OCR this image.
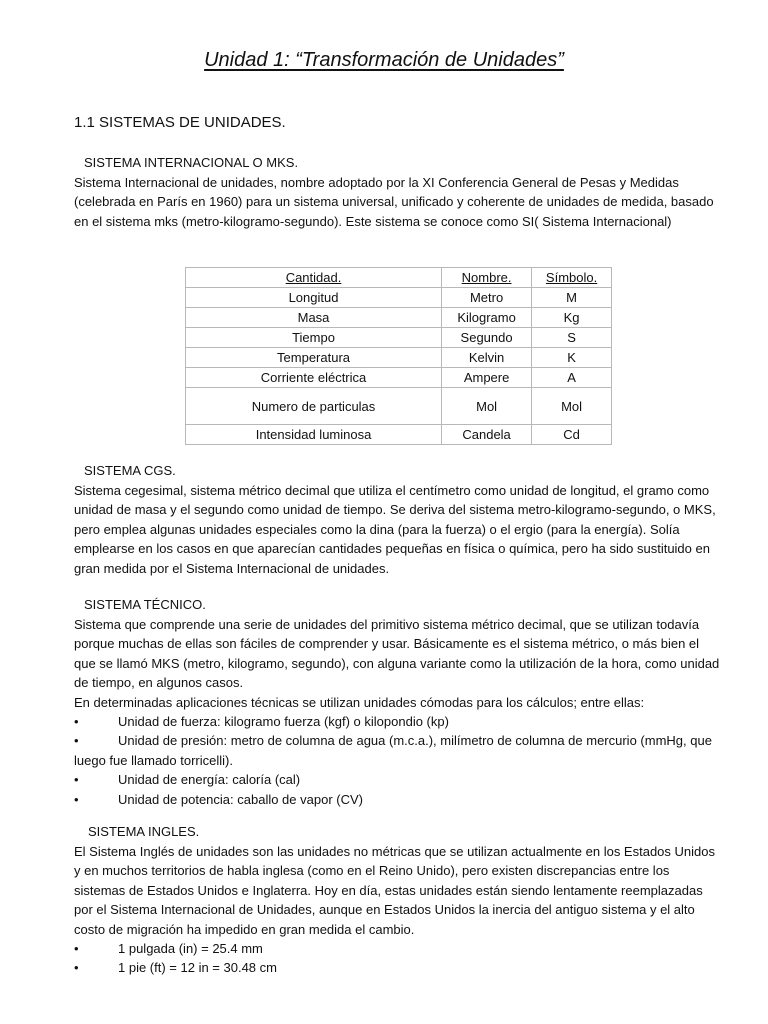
Unidad 1: “Transformación de Unidades”
1.1 SISTEMAS DE UNIDADES.
SISTEMA INTERNACIONAL O MKS.

Sistema Internacional de unidades, nombre adoptado por la XI Conferencia General de Pesas y Medidas (celebrada en París en 1960) para un sistema universal, unificado y coherente de unidades de medida, basado en el sistema mks (metro-kilogramo-segundo). Este sistema se conoce como SI( Sistema Internacional)

Cantidad.	Nombre.	Símbolo.
Longitud	Metro	M
Masa	Kilogramo	Kg
Tiempo	Segundo	S
Temperatura	Kelvin	K
Corriente eléctrica	Ampere	A
Numero de particulas	Mol	Mol
Intensidad luminosa	Candela	Cd
SISTEMA CGS.

Sistema cegesimal, sistema métrico decimal que utiliza el centímetro como unidad de longitud, el gramo como unidad de masa y el segundo como unidad de tiempo. Se deriva del sistema metro-kilogramo-segundo, o MKS, pero emplea algunas unidades especiales como la dina (para la fuerza) o el ergio (para la energía). Solía emplearse en los casos en que aparecían cantidades pequeñas en física o química, pero ha sido sustituido en gran medida por el Sistema Internacional de unidades.

SISTEMA TÉCNICO.

Sistema que comprende una serie de unidades del primitivo sistema métrico decimal, que se utilizan todavía porque muchas de ellas son fáciles de comprender y usar. Básicamente es el sistema métrico, o más bien el que se llamó MKS (metro, kilogramo, segundo), con alguna variante como la utilización de la hora, como unidad de tiempo, en algunos casos.

En determinadas aplicaciones técnicas se utilizan unidades cómodas para los cálculos; entre ellas:

•	Unidad de fuerza: kilogramo fuerza (kgf) o kilopondio (kp)
•	Unidad de presión: metro de columna de agua (m.c.a.), milímetro de columna de mercurio (mmHg, que luego fue llamado torricelli).
•	Unidad de energía: caloría (cal)
•	Unidad de potencia: caballo de vapor (CV)
SISTEMA INGLES.

El Sistema Inglés de unidades son las unidades no métricas que se utilizan actualmente en los Estados Unidos y en muchos territorios de habla inglesa (como en el Reino Unido), pero existen discrepancias entre los sistemas de Estados Unidos e Inglaterra. Hoy en día, estas unidades están siendo lentamente reemplazadas por el Sistema Internacional de Unidades, aunque en Estados Unidos la inercia del antiguo sistema y el alto costo de migración ha impedido en gran medida el cambio.

•	1 pulgada (in) = 25.4 mm
•	1 pie (ft) = 12 in = 30.48 cm
